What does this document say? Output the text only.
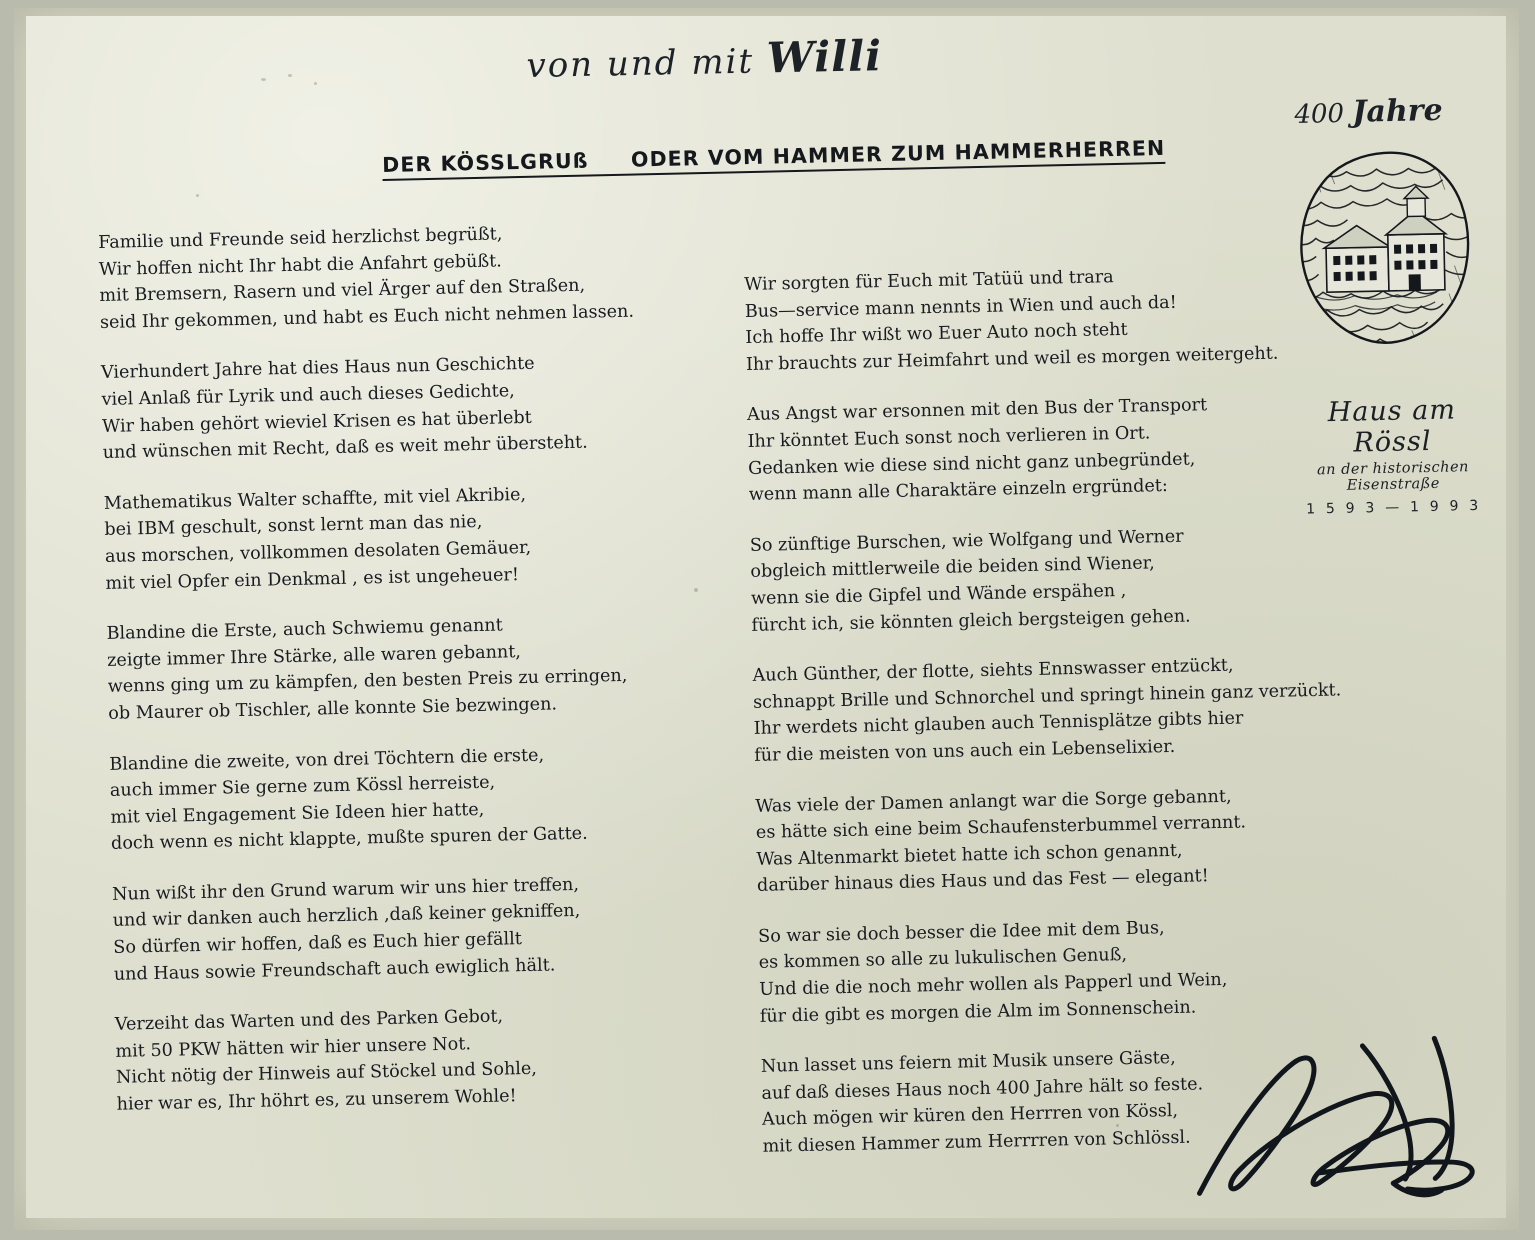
von und mit Willi
400 Jahre
DER KÖSSLGRUß ODER VOM HAMMER ZUM HAMMERHERREN
Familie und Freunde seid herzlichst begrüßt,
Wir hoffen nicht Ihr habt die Anfahrt gebüßt.
mit Bremsern, Rasern und viel Ärger auf den Straßen,
seid Ihr gekommen, und habt es Euch nicht nehmen lassen.
Vierhundert Jahre hat dies Haus nun Geschichte
viel Anlaß für Lyrik und auch dieses Gedichte,
Wir haben gehört wieviel Krisen es hat überlebt
und wünschen mit Recht, daß es weit mehr übersteht.
Mathematikus Walter schaffte, mit viel Akribie,
bei IBM geschult, sonst lernt man das nie,
aus morschen, vollkommen desolaten Gemäuer,
mit viel Opfer ein Denkmal , es ist ungeheuer!
Blandine die Erste, auch Schwiemu genannt
zeigte immer Ihre Stärke, alle waren gebannt,
wenns ging um zu kämpfen, den besten Preis zu erringen,
ob Maurer ob Tischler, alle konnte Sie bezwingen.
Blandine die zweite, von drei Töchtern die erste,
auch immer Sie gerne zum Kössl herreiste,
mit viel Engagement Sie Ideen hier hatte,
doch wenn es nicht klappte, mußte spuren der Gatte.
Nun wißt ihr den Grund warum wir uns hier treffen,
und wir danken auch herzlich ,daß keiner gekniffen,
So dürfen wir hoffen, daß es Euch hier gefällt
und Haus sowie Freundschaft auch ewiglich hält.
Verzeiht das Warten und des Parken Gebot,
mit 50 PKW hätten wir hier unsere Not.
Nicht nötig der Hinweis auf Stöckel und Sohle,
hier war es, Ihr höhrt es, zu unserem Wohle!
Wir sorgten für Euch mit Tatüü und trara
Bus—service mann nennts in Wien und auch da!
Ich hoffe Ihr wißt wo Euer Auto noch steht
Ihr brauchts zur Heimfahrt und weil es morgen weitergeht.
Aus Angst war ersonnen mit den Bus der Transport
Ihr könntet Euch sonst noch verlieren in Ort.
Gedanken wie diese sind nicht ganz unbegründet,
wenn mann alle Charaktäre einzeln ergründet:
So zünftige Burschen, wie Wolfgang und Werner
obgleich mittlerweile die beiden sind Wiener,
wenn sie die Gipfel und Wände erspähen ,
fürcht ich, sie könnten gleich bergsteigen gehen.
Auch Günther, der flotte, siehts Ennswasser entzückt,
schnappt Brille und Schnorchel und springt hinein ganz verzückt.
Ihr werdets nicht glauben auch Tennisplätze gibts hier
für die meisten von uns auch ein Lebenselixier.
Was viele der Damen anlangt war die Sorge gebannt,
es hätte sich eine beim Schaufensterbummel verrannt.
Was Altenmarkt bietet hatte ich schon genannt,
darüber hinaus dies Haus und das Fest — elegant!
So war sie doch besser die Idee mit dem Bus,
es kommen so alle zu lukulischen Genuß,
Und die die noch mehr wollen als Papperl und Wein,
für die gibt es morgen die Alm im Sonnenschein.
Nun lasset uns feiern mit Musik unsere Gäste,
auf daß dieses Haus noch 400 Jahre hält so feste.
Auch mögen wir küren den Herrren von Kössl,
mit diesen Hammer zum Herrrren von Schlössl.
Haus am Rössl
an der historischen Eisenstraße
1 5 9 3 — 1 9 9 3
